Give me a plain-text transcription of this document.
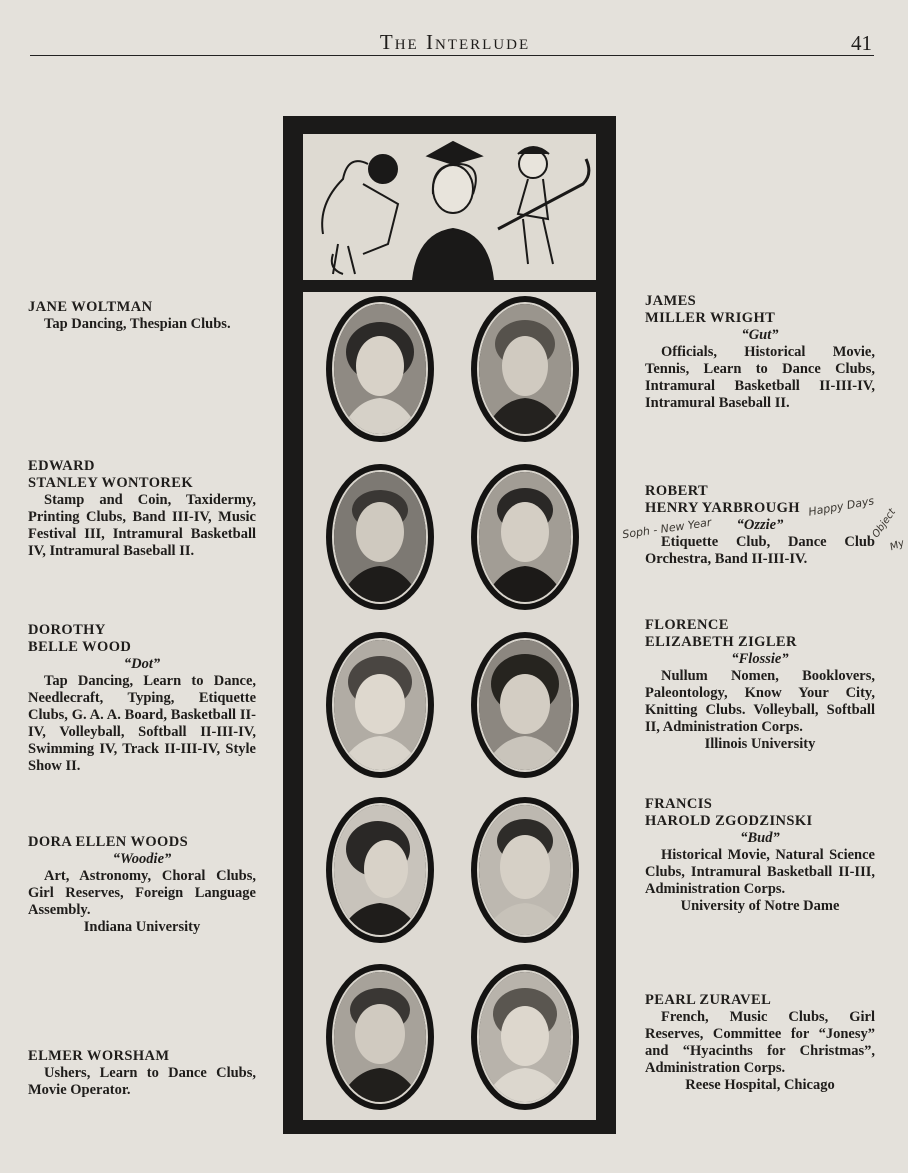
The Interlude	41
JANE WOLTMAN
Tap Dancing, Thespian Clubs.
EDWARD
STANLEY WONTOREK
Stamp and Coin, Taxidermy, Printing Clubs, Band III-IV, Music Festival III, Intramural Basketball IV, Intramural Baseball II.
DOROTHY
BELLE WOOD
“Dot”
Tap Dancing, Learn to Dance, Needlecraft, Typing, Etiquette Clubs, G. A. A. Board, Basketball II-IV, Volleyball, Softball II-III-IV, Swimming IV, Track II-III-IV, Style Show II.
DORA ELLEN WOODS
“Woodie”
Art, Astronomy, Choral Clubs, Girl Reserves, Foreign Language Assembly.
Indiana University
ELMER WORSHAM
Ushers, Learn to Dance Clubs, Movie Operator.
JAMES
MILLER WRIGHT
“Gut”
Officials, Historical Movie, Tennis, Learn to Dance Clubs, Intramural Basketball II-III-IV, Intramural Baseball II.
ROBERT
HENRY YARBROUGH
“Ozzie”
Etiquette Club, Dance Club Orchestra, Band II-III-IV.
FLORENCE
ELIZABETH ZIGLER
“Flossie”
Nullum Nomen, Booklovers, Paleontology, Know Your City, Knitting Clubs. Volleyball, Softball II, Administration Corps.
Illinois University
FRANCIS
HAROLD ZGODZINSKI
“Bud”
Historical Movie, Natural Science Clubs, Intramural Basketball II-III, Administration Corps.
University of Notre Dame
PEARL ZURAVEL
French, Music Clubs, Girl Reserves, Committee for “Jonesy” and “Hyacinths for Christmas”, Administration Corps.
Reese Hospital, Chicago
Soph - New Year
Happy Days
Object
My
